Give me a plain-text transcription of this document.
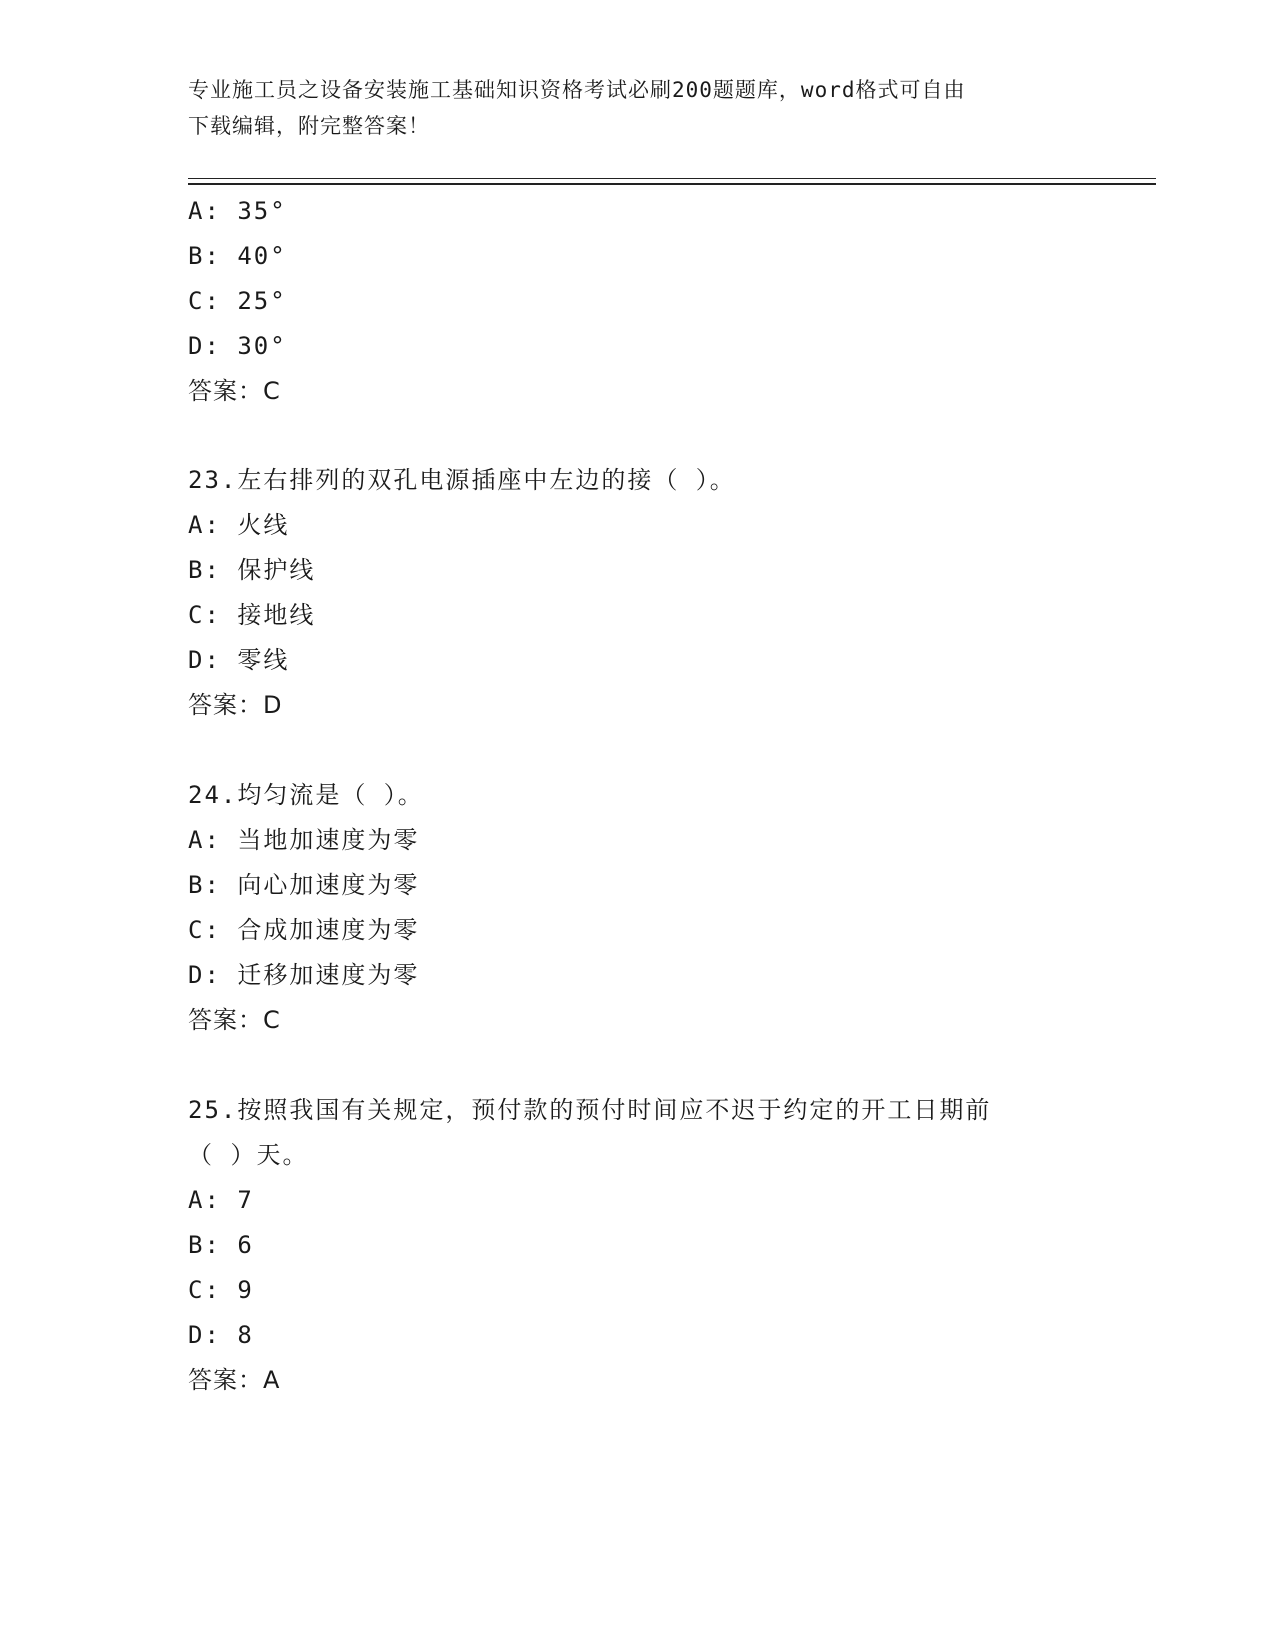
专业施工员之设备安装施工基础知识资格考试必刷200题题库，word格式可自由
下载编辑，附完整答案！
A: 35°
B: 40°
C: 25°
D: 30°
答案：C
23.左右排列的双孔电源插座中左边的接（ ）。
A: 火线
B: 保护线
C: 接地线
D: 零线
答案：D
24.均匀流是（ ）。
A: 当地加速度为零
B: 向心加速度为零
C: 合成加速度为零
D: 迁移加速度为零
答案：C
25.按照我国有关规定，预付款的预付时间应不迟于约定的开工日期前
（ ）天。
A: 7
B: 6
C: 9
D: 8
答案：A
